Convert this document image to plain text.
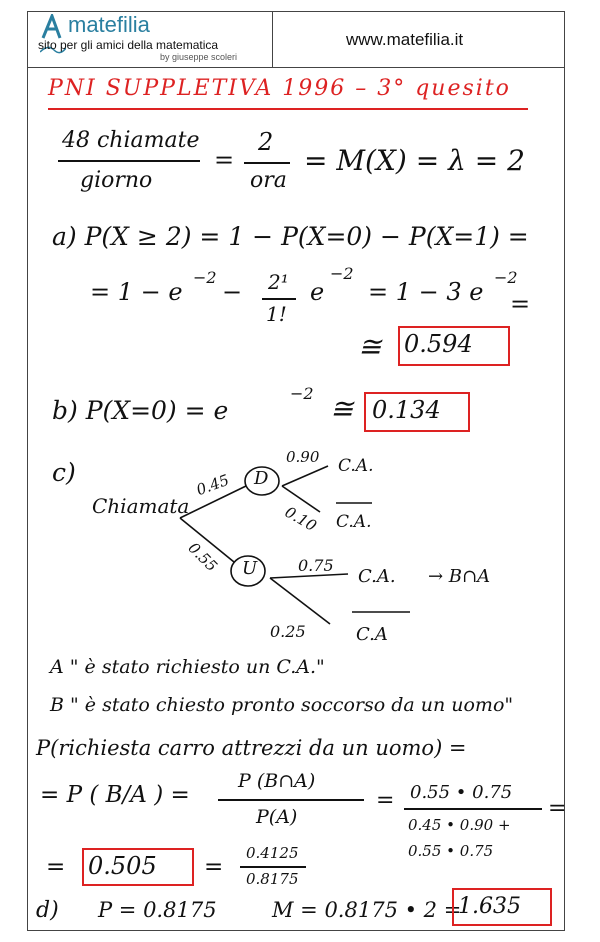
matefilia
sito per gli amici della matematica
by giuseppe scoleri
www.matefilia.it
PNI SUPPLETIVA 1996 – 3° quesito
48 chiamate
giorno
=
2
ora
= M(X) = λ = 2
a) P(X ≥ 2) = 1 − P(X=0) − P(X=1) =
= 1 − e
−2
− 2¹
1!
e
−2
= 1 − 3 e
−2
=
≅ 0.594
b) P(X=0) = e
−2 ≅ 0.134
c)
Chiamata
D
U
0.45
0.55
0.90
0.10
0.75
0.25
C.A.
C.A.
C.A. → B∩A
C.A
A " è stato richiesto un C.A."
B " è stato chiesto pronto soccorso da un uomo"
P(richiesta carro attrezzi da un uomo) =
= P ( B/A ) =
P (B∩A)
P(A)
= 0.55 • 0.75
0.45 • 0.90 +
0.55 • 0.75
=
= 0.505 =
0.4125
0.8175
d) P = 0.8175	M = 0.8175 • 2 =
1.635
